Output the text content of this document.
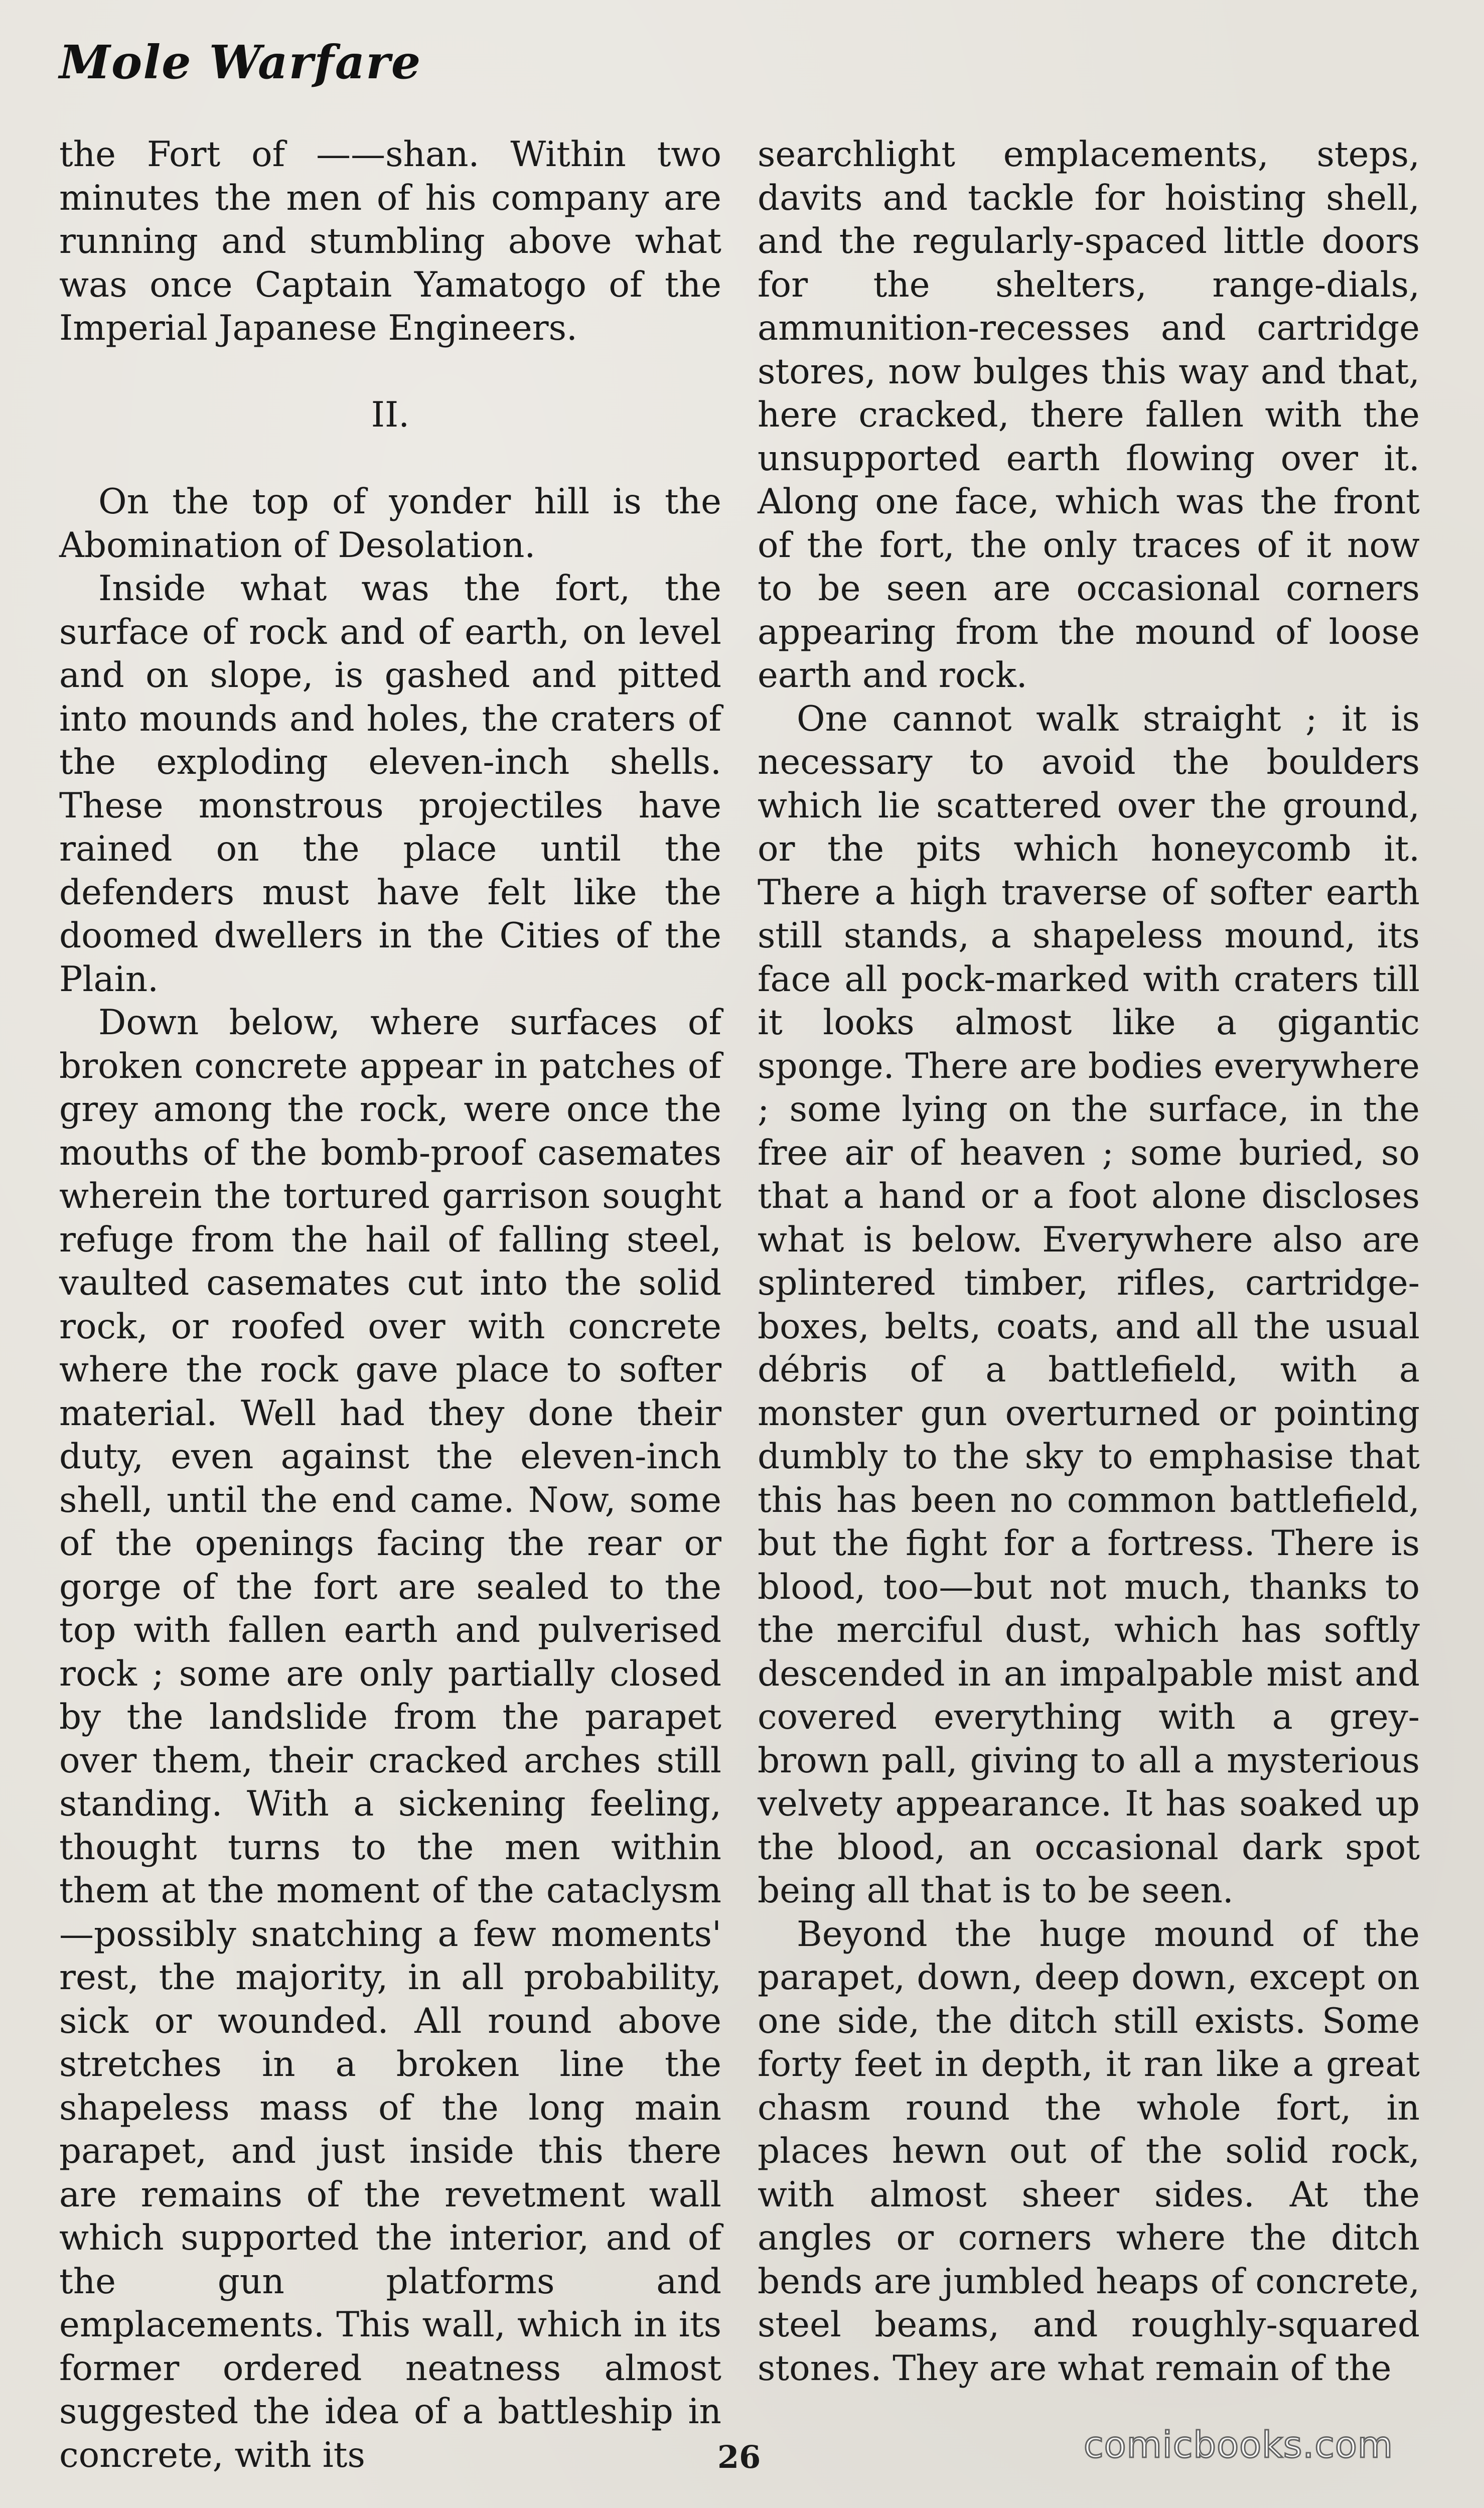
Mole Warfare

the Fort of ——shan. Within two minutes the men of his company are running and stumbling above what was once Captain Yamatogo of the Imperial Japanese Engineers.

II.

On the top of yonder hill is the Abomination of Desolation.

Inside what was the fort, the surface of rock and of earth, on level and on slope, is gashed and pitted into mounds and holes, the craters of the exploding eleven-inch shells. These monstrous projectiles have rained on the place until the defenders must have felt like the doomed dwellers in the Cities of the Plain.

Down below, where surfaces of broken concrete appear in patches of grey among the rock, were once the mouths of the bomb-proof casemates wherein the tortured garrison sought refuge from the hail of falling steel, vaulted casemates cut into the solid rock, or roofed over with concrete where the rock gave place to softer material. Well had they done their duty, even against the eleven-inch shell, until the end came. Now, some of the openings facing the rear or gorge of the fort are sealed to the top with fallen earth and pulverised rock ; some are only partially closed by the landslide from the parapet over them, their cracked arches still standing. With a sickening feeling, thought turns to the men within them at the moment of the cataclysm —possibly snatching a few moments' rest, the majority, in all probability, sick or wounded. All round above stretches in a broken line the shapeless mass of the long main parapet, and just inside this there are remains of the revetment wall which supported the interior, and of the gun platforms and emplacements. This wall, which in its former ordered neatness almost suggested the idea of a battleship in concrete, with its

searchlight emplacements, steps, davits and tackle for hoisting shell, and the regularly-spaced little doors for the shelters, range-dials, ammunition-recesses and cartridge stores, now bulges this way and that, here cracked, there fallen with the unsupported earth flowing over it. Along one face, which was the front of the fort, the only traces of it now to be seen are occasional corners appearing from the mound of loose earth and rock.

One cannot walk straight ; it is necessary to avoid the boulders which lie scattered over the ground, or the pits which honeycomb it. There a high traverse of softer earth still stands, a shapeless mound, its face all pock-marked with craters till it looks almost like a gigantic sponge. There are bodies everywhere ; some lying on the surface, in the free air of heaven ; some buried, so that a hand or a foot alone discloses what is below. Everywhere also are splintered timber, rifles, cartridge-boxes, belts, coats, and all the usual débris of a battlefield, with a monster gun overturned or pointing dumbly to the sky to emphasise that this has been no common battlefield, but the fight for a fortress. There is blood, too—but not much, thanks to the merciful dust, which has softly descended in an impalpable mist and covered everything with a grey-brown pall, giving to all a mysterious velvety appearance. It has soaked up the blood, an occasional dark spot being all that is to be seen.

Beyond the huge mound of the parapet, down, deep down, except on one side, the ditch still exists. Some forty feet in depth, it ran like a great chasm round the whole fort, in places hewn out of the solid rock, with almost sheer sides. At the angles or corners where the ditch bends are jumbled heaps of concrete, steel beams, and roughly-squared stones. They are what remain of the

26	comicbooks.com
